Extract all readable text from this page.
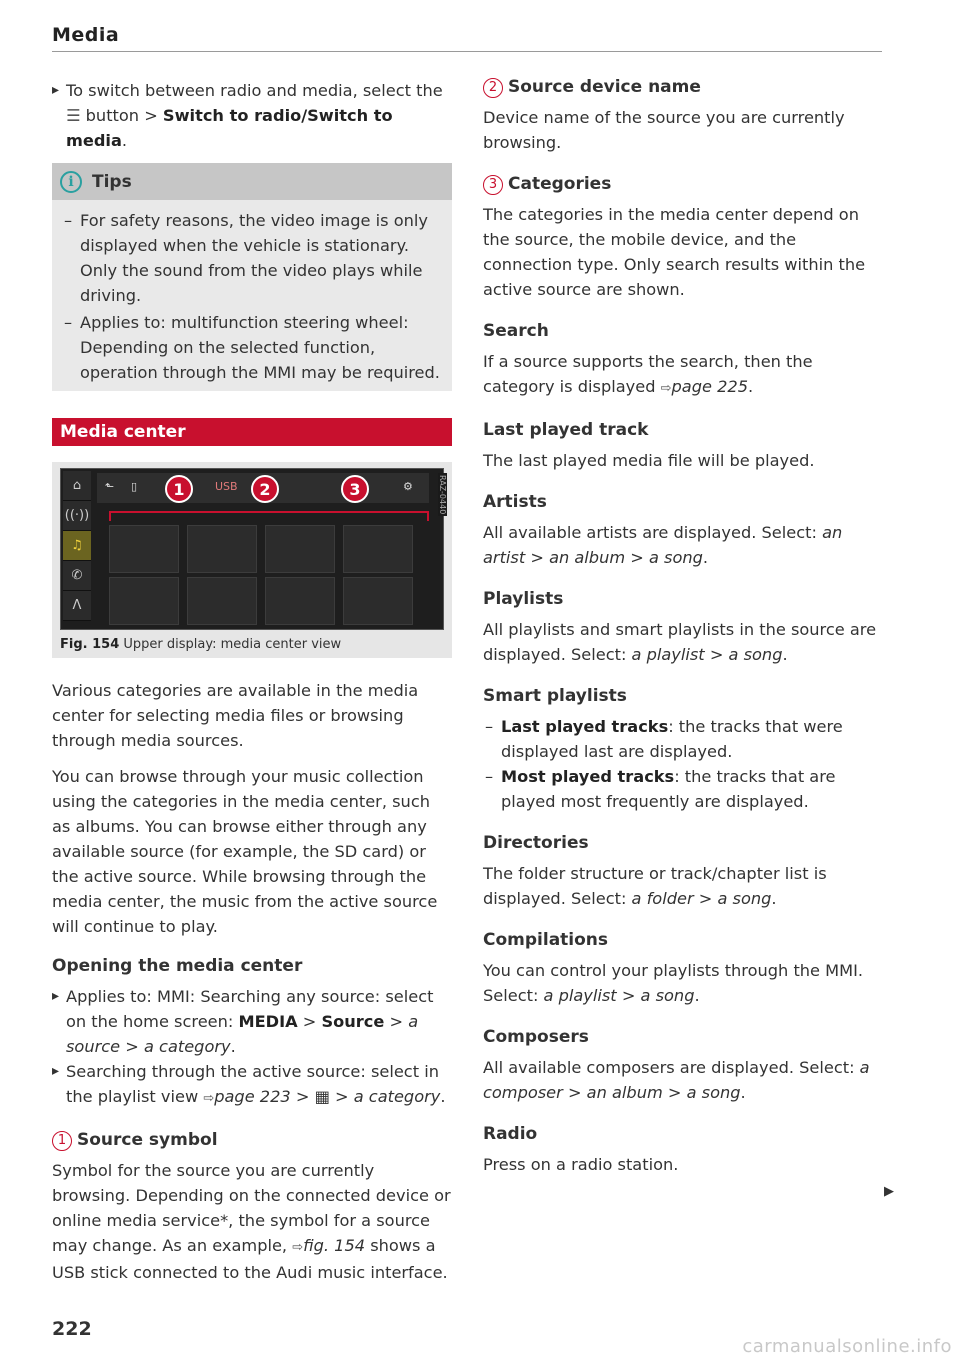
Media

▸ To switch between radio and media, select the ☰ button > Switch to radio/Switch to media.

i	Tips
– For safety reasons, the video image is only displayed when the vehicle is stationary. Only the sound from the video plays while driving.
– Applies to: multifunction steering wheel: Depending on the selected function, operation through the MMI may be required.
Media center
⌂
((·))
♫
✆
Λ
⬑ ▯	USB	⚙
1	2	3	RAZ-0440
Fig. 154 Upper display: media center view

Various categories are available in the media center for selecting media files or browsing through media sources.

You can browse through your music collection using the categories in the media center, such as albums. You can browse either through any available source (for example, the SD card) or the active source. While browsing through the media center, the music from the active source will continue to play.

Opening the media center

▸ Applies to: MMI: Searching any source: select on the home screen: MEDIA > Source > a source > a category.

▸ Searching through the active source: select in the playlist view ⇨page 223 > ▦ > a category.

1 Source symbol

Symbol for the source you are currently browsing. Depending on the connected device or online media service*, the symbol for a source may change. As an example, ⇨fig. 154 shows a USB stick connected to the Audi music interface.

2 Source device name

Device name of the source you are currently browsing.

3 Categories

The categories in the media center depend on the source, the mobile device, and the connection type. Only search results within the active source are shown.

Search

If a source supports the search, then the category is displayed ⇨page 225.

Last played track

The last played media file will be played.

Artists

All available artists are displayed. Select: an artist > an album > a song.

Playlists

All playlists and smart playlists in the source are displayed. Select: a playlist > a song.

Smart playlists
– Last played tracks: the tracks that were displayed last are displayed.
– Most played tracks: the tracks that are played most frequently are displayed.
Directories

The folder structure or track/chapter list is displayed. Select: a folder > a song.

Compilations

You can control your playlists through the MMI. Select: a playlist > a song.

Composers

All available composers are displayed. Select: a composer > an album > a song.

Radio

Press on a radio station.

▶
222
carmanualsonline.info
